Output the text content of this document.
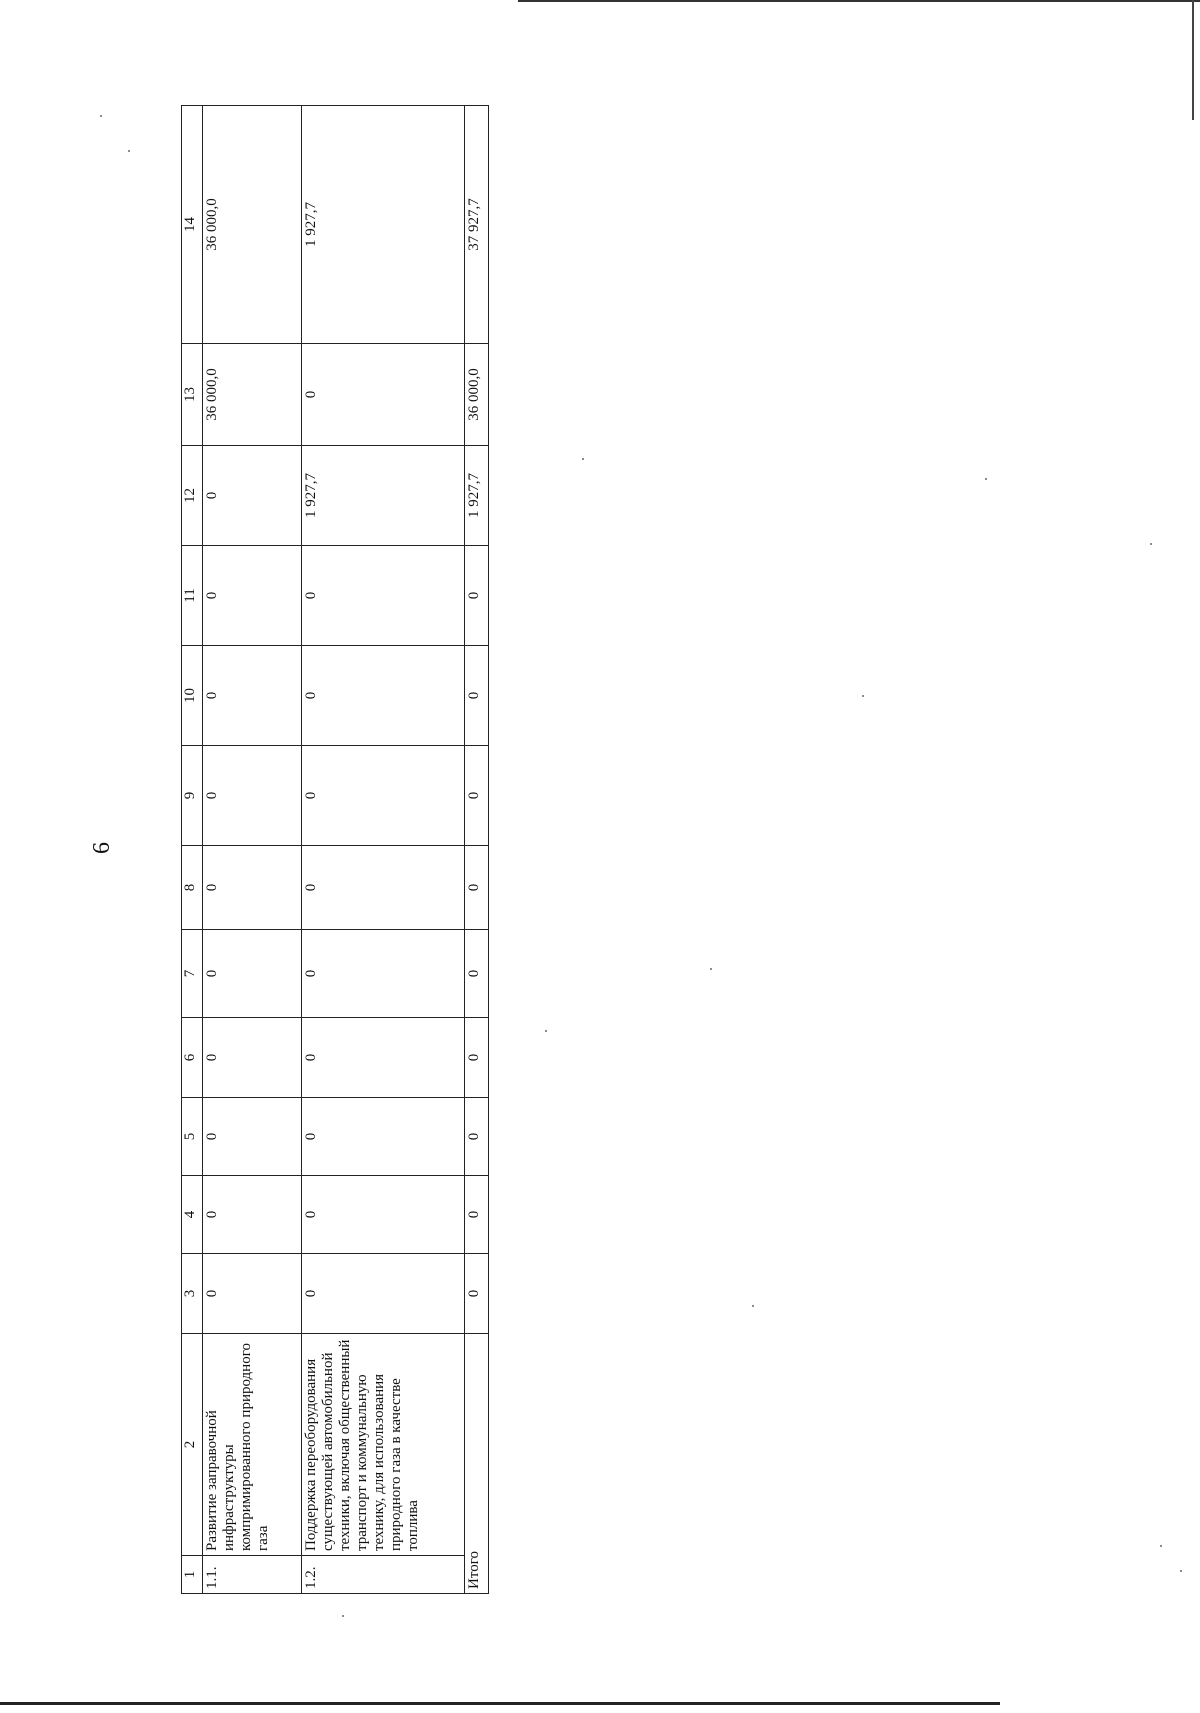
6
1	2	3	4	5	6	7	8	9	10	11	12	13	14
1.1.	Развитие заправочной инфраструктуры компримированного природного газа	0	0	0	0	0	0	0	0	0	0	36 000,0	36 000,0
1.2.	Поддержка переоборудования существующей автомобильной техники, включая общественный транспорт и коммунальную технику, для использования природного газа в качестве топлива	0	0	0	0	0	0	0	0	0	1 927,7	0	1 927,7
Итого		0	0	0	0	0	0	0	0	0	1 927,7	36 000,0	37 927,7
